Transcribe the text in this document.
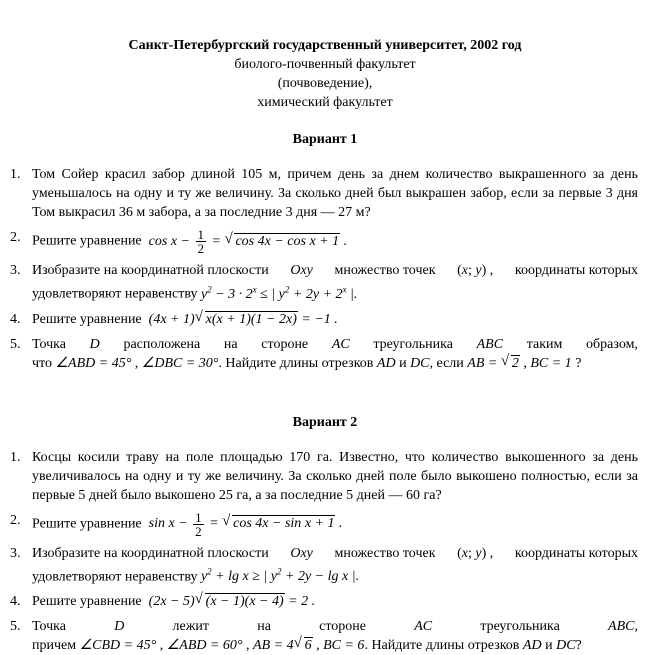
Санкт-Петербургский государственный университет, 2002 год
биолого-почвенный факультет
(почвоведение),
химический факультет
Вариант 1
1. Том Сойер красил забор длиной 105 м, причем день за днем количество выкрашенного за день уменьшалось на одну и ту же величину. За сколько дней был выкрашен забор, если за первые 3 дня Том выкрасил 36 м забора, а за последние 3 дня — 27 м?
2. Решите уравнение  $\cos x - \frac{1}{2}$ = √ cos 4x − cos x + 1 .
3. Изобразите на координатной плоскости Oxy множество точек (x; y) , координаты которых
удовлетворяют неравенству $y^2 - 3 \cdot 2^x$ ≤ | $y^2 + 2y + 2^x$ |.
4. Решите уравнение  (4x + 1) √ x(x + 1)(1 − 2x) = −1 .
5. Точка D расположена на стороне AC треугольника ABC таким образом,
что ∠ABD = 45° , ∠DBC = 30°. Найдите длины отрезков AD и DC, если AB = √ 2 , BC = 1 ?
Вариант 2
1. Косцы косили траву на поле площадью 170 га. Известно, что количество выкошенного за день увеличивалось на одну и ту же величину. За сколько дней поле было выкошено полностью, если за первые 5 дней было выкошено 25 га, а за последние 5 дней — 60 га?
2. Решите уравнение  $\sin x - \frac{1}{2}$ = √ cos 4x − sin x + 1 .
3. Изобразите на координатной плоскости Oxy множество точек (x; y) , координаты которых
удовлетворяют неравенству $y^2 + \lg x$ ≥ | $y^2 + 2y - \lg x$ |.
4. Решите уравнение  (2x − 5) √ (x − 1)(x − 4) = 2 .
5. Точка	D	лежит	на	стороне	AC	треугольника	ABC,
причем ∠CBD = 45° , ∠ABD = 60° , AB = 4 √ 6 , BC = 6. Найдите длины отрезков AD и DC?
